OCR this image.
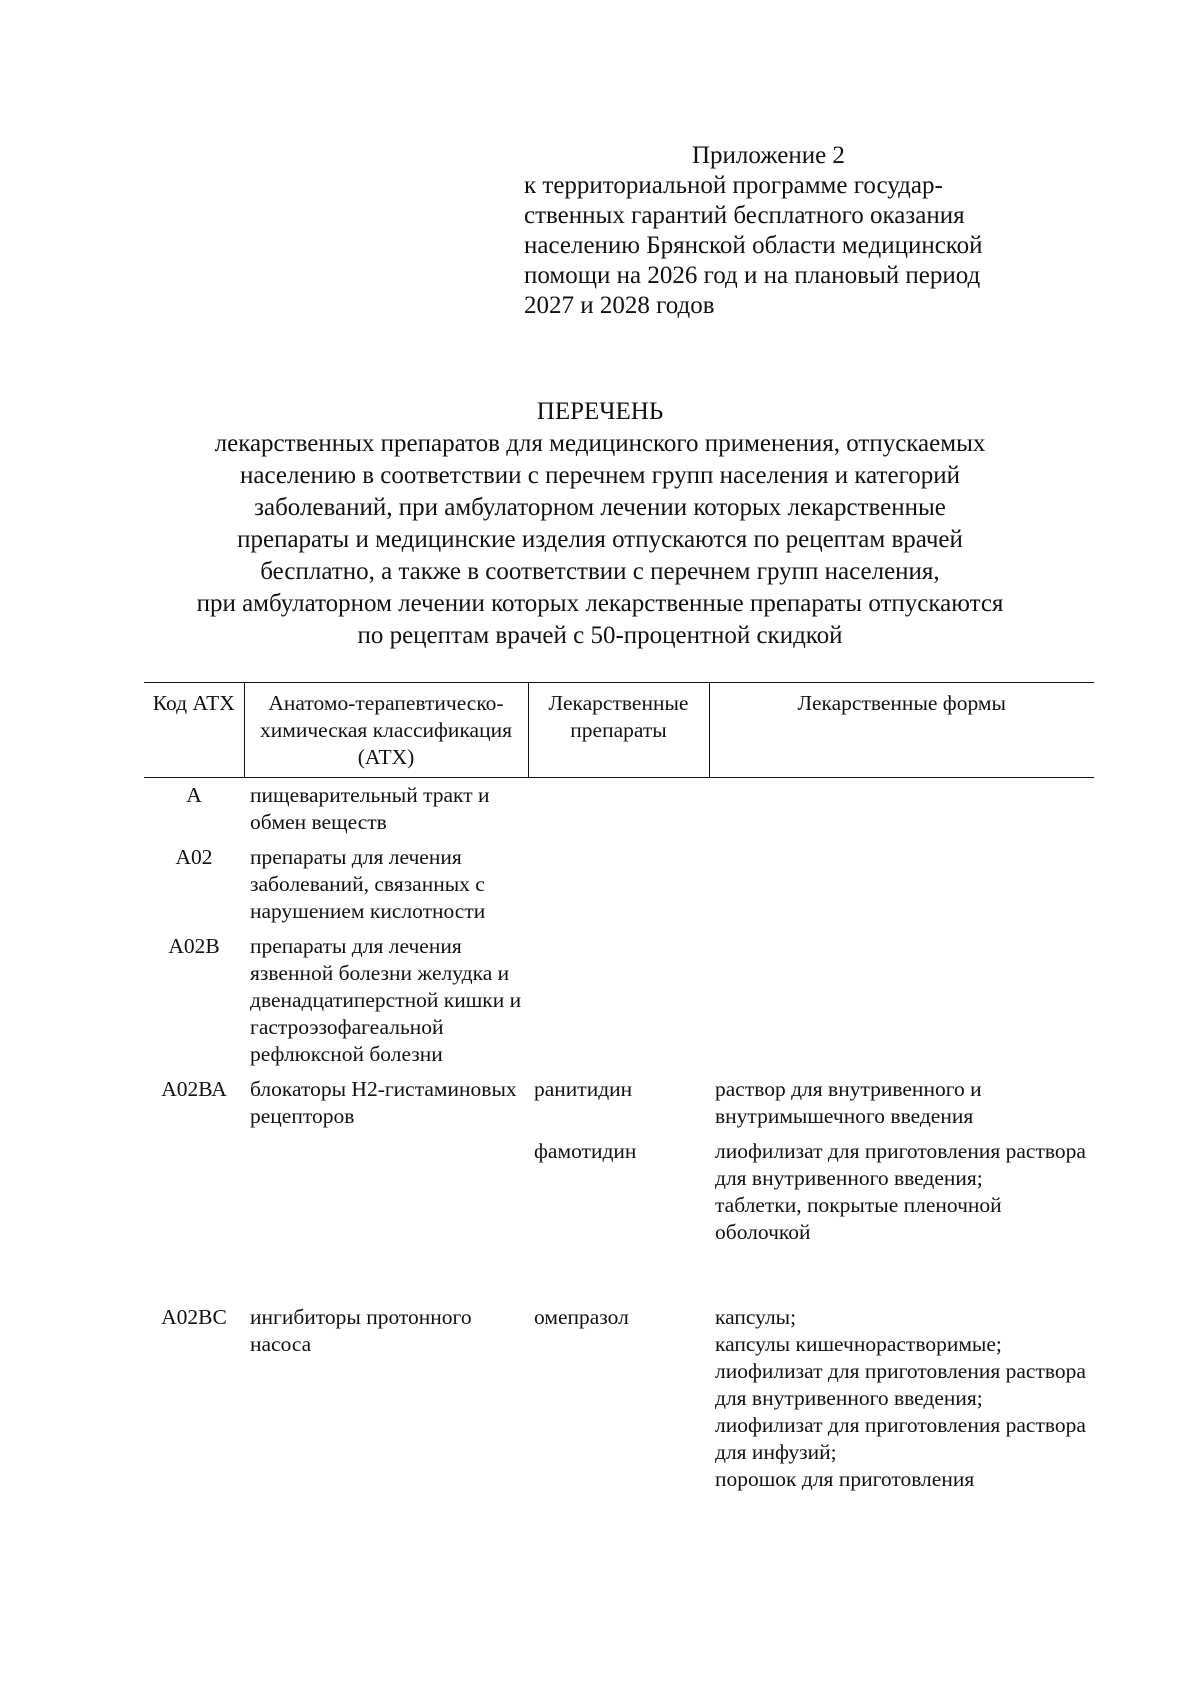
Приложение 2
к территориальной программе государ-
ственных гарантий бесплатного оказания
населению Брянской области медицинской
помощи на 2026 год и на плановый период
2027 и 2028 годов
ПЕРЕЧЕНЬ
лекарственных препаратов для медицинского применения, отпускаемых
населению в соответствии с перечнем групп населения и категорий
заболеваний, при амбулаторном лечении которых лекарственные
препараты и медицинские изделия отпускаются по рецептам врачей
бесплатно, а также в соответствии с перечнем групп населения,
при амбулаторном лечении которых лекарственные препараты отпускаются
по рецептам врачей с 50-процентной скидкой
Код АТХ	Анатомо-терапевтическо-химическая классификация (АТХ)	Лекарственные препараты	Лекарственные формы
А	пищеварительный тракт и обмен веществ		
А02	препараты для лечения заболеваний, связанных с нарушением кислотности		
А02В	препараты для лечения язвенной болезни желудка и двенадцатиперстной кишки и гастроэзофагеальной рефлюксной болезни		
А02ВА	блокаторы Н2-гистаминовых рецепторов	ранитидин	раствор для внутривенного и внутримышечного введения

		фамотидин	лиофилизат для приготовления раствора для внутривенного введения;
таблетки, покрытые пленочной оболочкой

А02ВС	ингибиторы протонного насоса	омепразол	капсулы;
капсулы кишечнорастворимые;
лиофилизат для приготовления раствора для внутривенного введения;
лиофилизат для приготовления раствора для инфузий;
порошок для приготовления
